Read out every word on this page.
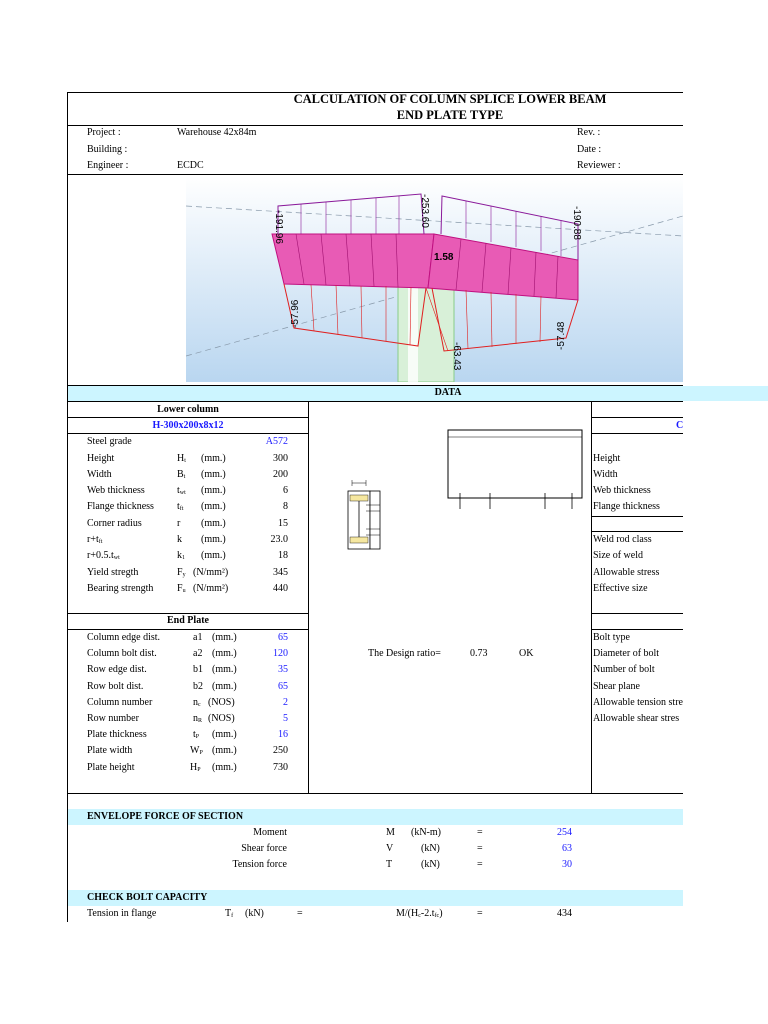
CALCULATION OF COLUMN SPLICE LOWER BEAM
END PLATE TYPE
Project :	Warehouse 42x84m	Rev. :
Building :	Date :
Engineer :	ECDC	Reviewer :
-191.96	-253.60	-190.88
1.58
-57.96
-63.43
-57.48
DATA
Lower column
H-300x200x8x12	C
Steel grade	A572
Height	$H_t$ (mm.)	300
Width	$B_t$ (mm.)	200
Web thickness	$t_{wt}$ (mm.)	6
Flange thickness $t_{ft}$ (mm.)	8
Corner radius	r (mm.)	15
$r+t_{ft}$	k (mm.)	23.0
$r+0.5.t_{wt}$	$k_1$ (mm.)	18
Yield stregth	$F_y$ (N/mm²)	345
Bearing strength $F_u$ (N/mm²)	440
End Plate
Column edge dist.	a1 (mm.)	65
Column bolt dist.	a2 (mm.)	120
Row edge dist.	b1 (mm.)	35
Row bolt dist.	b2 (mm.)	65
Column number	$n_c$ (NOS)	2
Row number	$n_R$ (NOS)	5
Plate thickness	$t_P$ (mm.)	16
Plate width	$W_P$ (mm.)	250
Plate height	$H_P$ (mm.)	730
The Design ratio=	0.73	OK
Height
Width
Web thickness
Flange thickness
Weld rod class
Size of weld
Allowable stress
Effective size
Bolt type
Diameter of bolt
Number of bolt
Shear plane
Allowable tension stre
Allowable shear stres
ENVELOPE FORCE OF SECTION
Moment	M (kN-m)	=	254
Shear force	V	(kN)	=	63
Tension force	T	(kN)	=	30
CHECK BOLT CAPACITY
Tension in flange	$T_f$ (kN)	=	$M/(H_c-2.t_{fc})$	=	434
